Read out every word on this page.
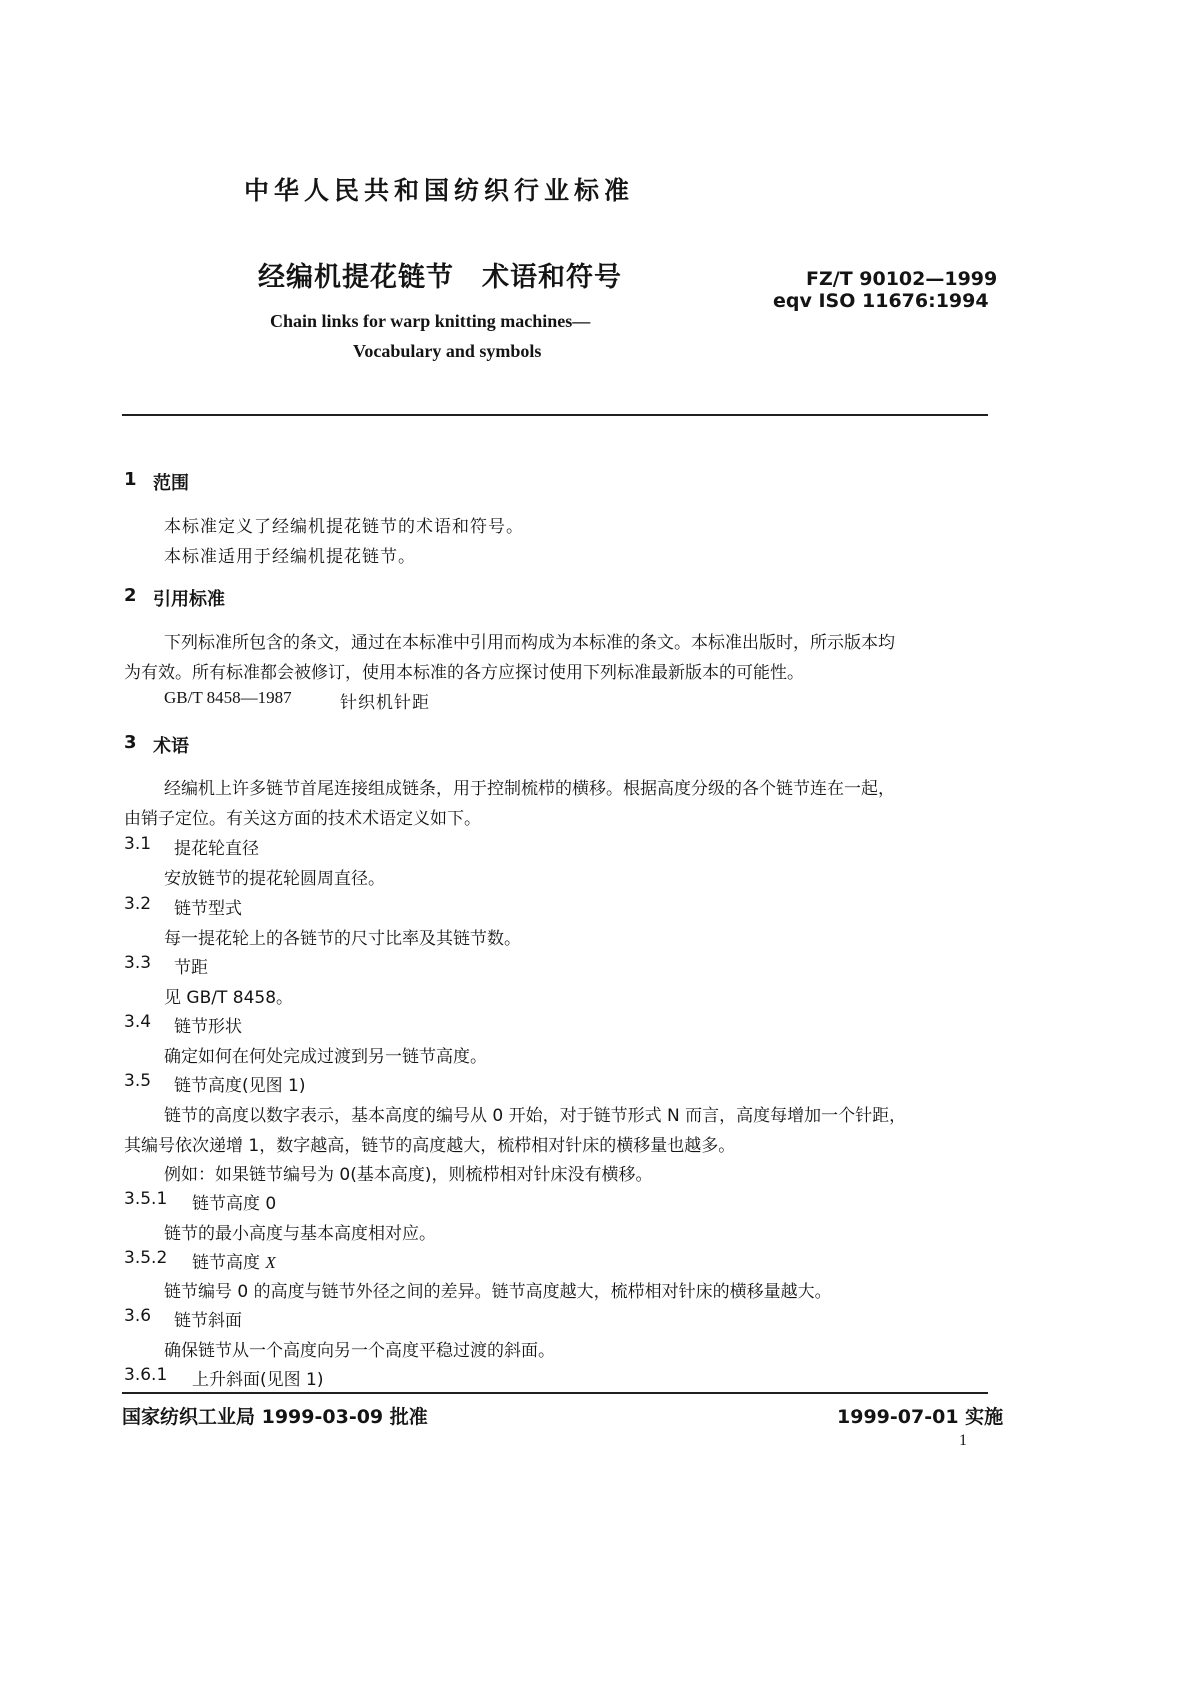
中华人民共和国纺织行业标准
经编机提花链节　术语和符号
Chain links for warp knitting machines—
Vocabulary and symbols
FZ/T 90102—1999
eqv ISO 11676:1994
1 范围
本标准定义了经编机提花链节的术语和符号。
本标准适用于经编机提花链节。
2 引用标准
下列标准所包含的条文，通过在本标准中引用而构成为本标准的条文。本标准出版时，所示版本均
为有效。所有标准都会被修订，使用本标准的各方应探讨使用下列标准最新版本的可能性。
GB/T 8458—1987	针织机针距
3 术语
经编机上许多链节首尾连接组成链条，用于控制梳栉的横移。根据高度分级的各个链节连在一起，
由销子定位。有关这方面的技术术语定义如下。
3.1 提花轮直径
安放链节的提花轮圆周直径。
3.2 链节型式
每一提花轮上的各链节的尺寸比率及其链节数。
3.3 节距
见 GB/T 8458。
3.4 链节形状
确定如何在何处完成过渡到另一链节高度。
3.5 链节高度(见图 1)
链节的高度以数字表示，基本高度的编号从 0 开始，对于链节形式 N 而言，高度每增加一个针距，
其编号依次递增 1，数字越高，链节的高度越大，梳栉相对针床的横移量也越多。
例如：如果链节编号为 0(基本高度)，则梳栉相对针床没有横移。
3.5.1 链节高度 0
链节的最小高度与基本高度相对应。
3.5.2 链节高度 X
链节编号 0 的高度与链节外径之间的差异。链节高度越大，梳栉相对针床的横移量越大。
3.6 链节斜面
确保链节从一个高度向另一个高度平稳过渡的斜面。
3.6.1 上升斜面(见图 1)
国家纺织工业局 1999-03-09 批准	1999-07-01 实施
1
